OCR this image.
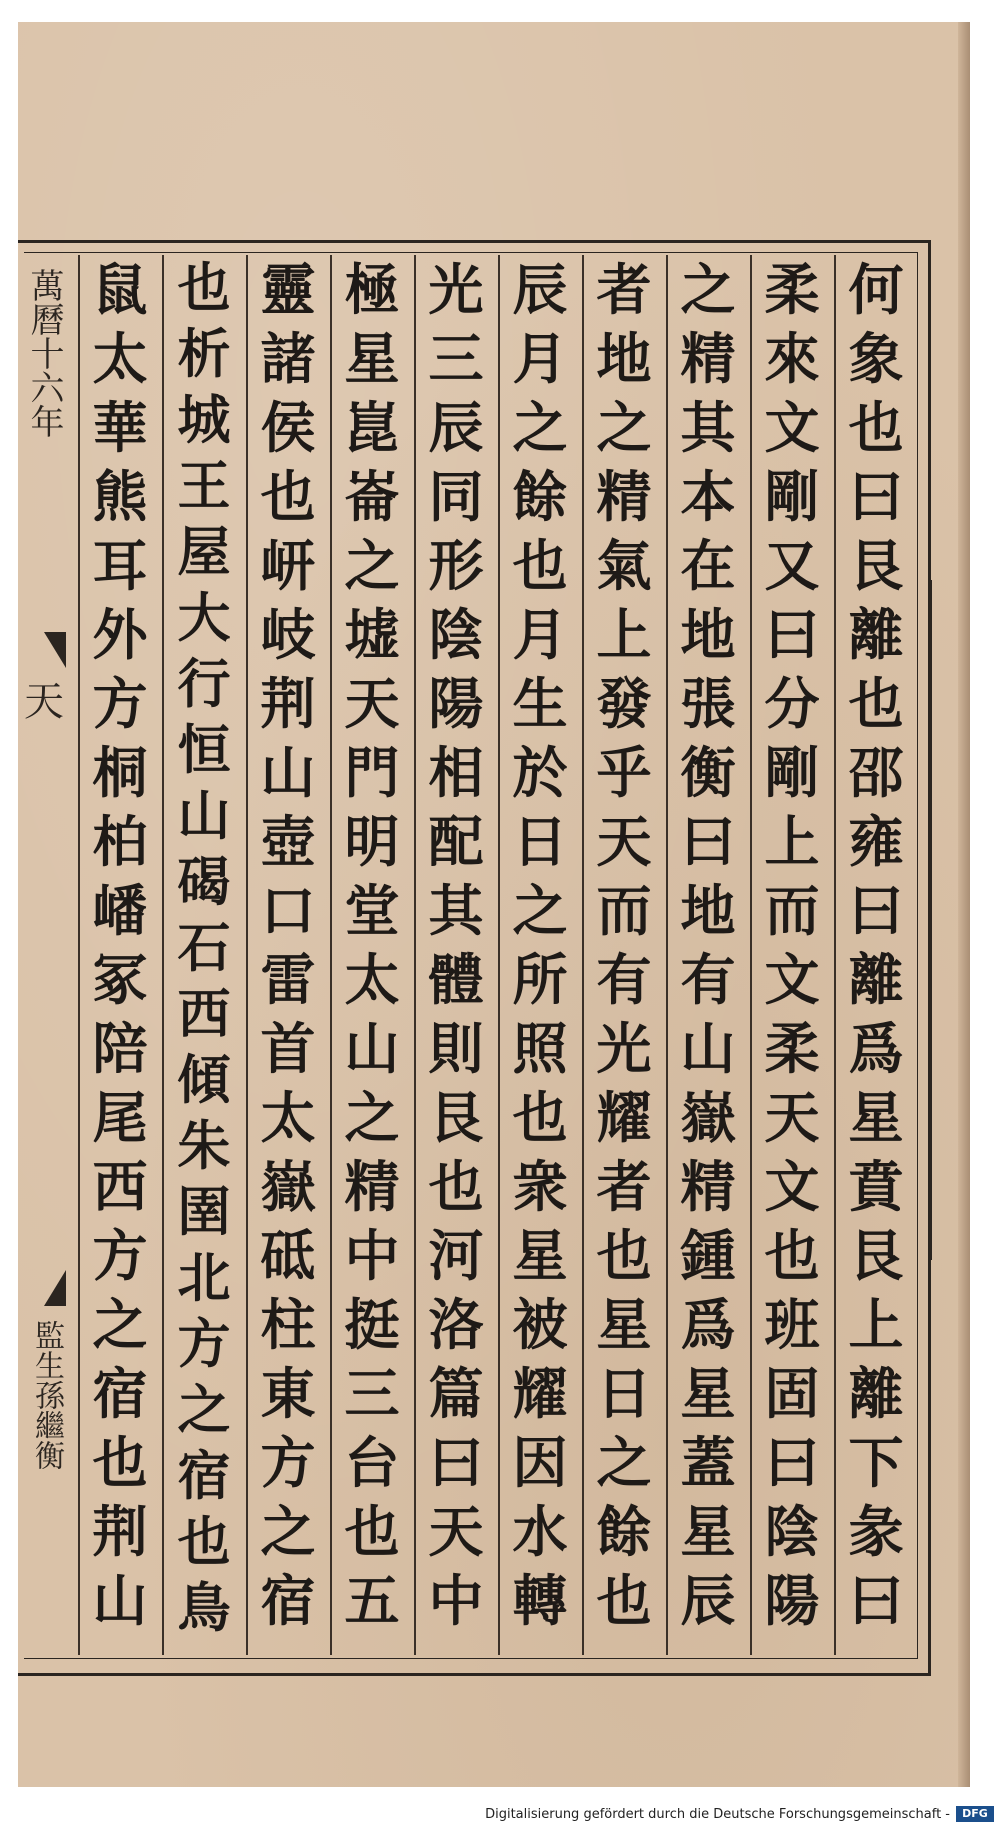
萬曆十六年
天
監生孫繼衡
何
象
也
曰
艮
離
也
邵
雍
曰
離
爲
星
賁
艮
上
離
下
彖
曰
柔
來
文
剛
又
曰
分
剛
上
而
文
柔
天
文
也
班
固
曰
陰
陽
之
精
其
本
在
地
張
衡
曰
地
有
山
嶽
精
鍾
爲
星
蓋
星
辰
者
地
之
精
氣
上
發
乎
天
而
有
光
耀
者
也
星
日
之
餘
也
辰
月
之
餘
也
月
生
於
日
之
所
照
也
衆
星
被
耀
因
水
轉
光
三
辰
同
形
陰
陽
相
配
其
體
則
艮
也
河
洛
篇
曰
天
中
極
星
崑
崙
之
墟
天
門
明
堂
太
山
之
精
中
挺
三
台
也
五
靈
諸
侯
也
岍
岐
荆
山
壺
口
雷
首
太
嶽
砥
柱
東
方
之
宿
也
析
城
王
屋
大
行
恒
山
碣
石
西
傾
朱
圉
北
方
之
宿
也
鳥
鼠
太
華
熊
耳
外
方
桐
柏
嶓
冢
陪
尾
西
方
之
宿
也
荆
山
Digitalisierung gefördert durch die Deutsche Forschungsgemeinschaft -	DFG
